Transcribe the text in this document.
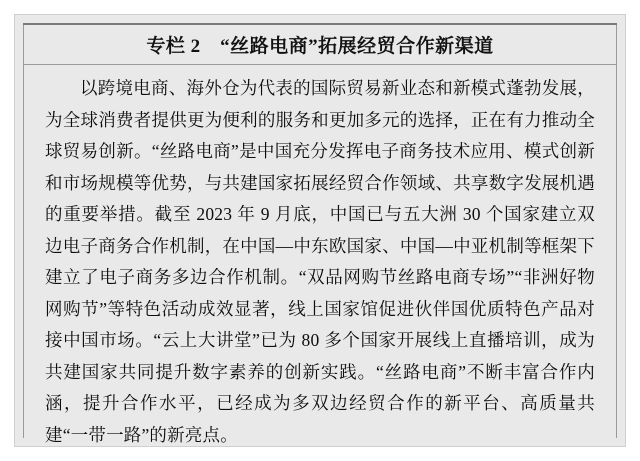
专栏 2　“丝路电商”拓展经贸合作新渠道

以跨境电商、海外仓为代表的国际贸易新业态和新模式蓬勃发展，为全球消费者提供更为便利的服务和更加多元的选择，正在有力推动全球贸易创新。“丝路电商”是中国充分发挥电子商务技术应用、模式创新和市场规模等优势，与共建国家拓展经贸合作领域、共享数字发展机遇的重要举措。截至 2023 年 9 月底，中国已与五大洲 30 个国家建立双边电子商务合作机制，在中国—中东欧国家、中国—中亚机制等框架下建立了电子商务多边合作机制。“双品网购节丝路电商专场”“非洲好物网购节”等特色活动成效显著，线上国家馆促进伙伴国优质特色产品对接中国市场。“云上大讲堂”已为 80 多个国家开展线上直播培训，成为共建国家共同提升数字素养的创新实践。“丝路电商”不断丰富合作内涵，提升合作水平，已经成为多双边经贸合作的新平台、高质量共建“一带一路”的新亮点。
